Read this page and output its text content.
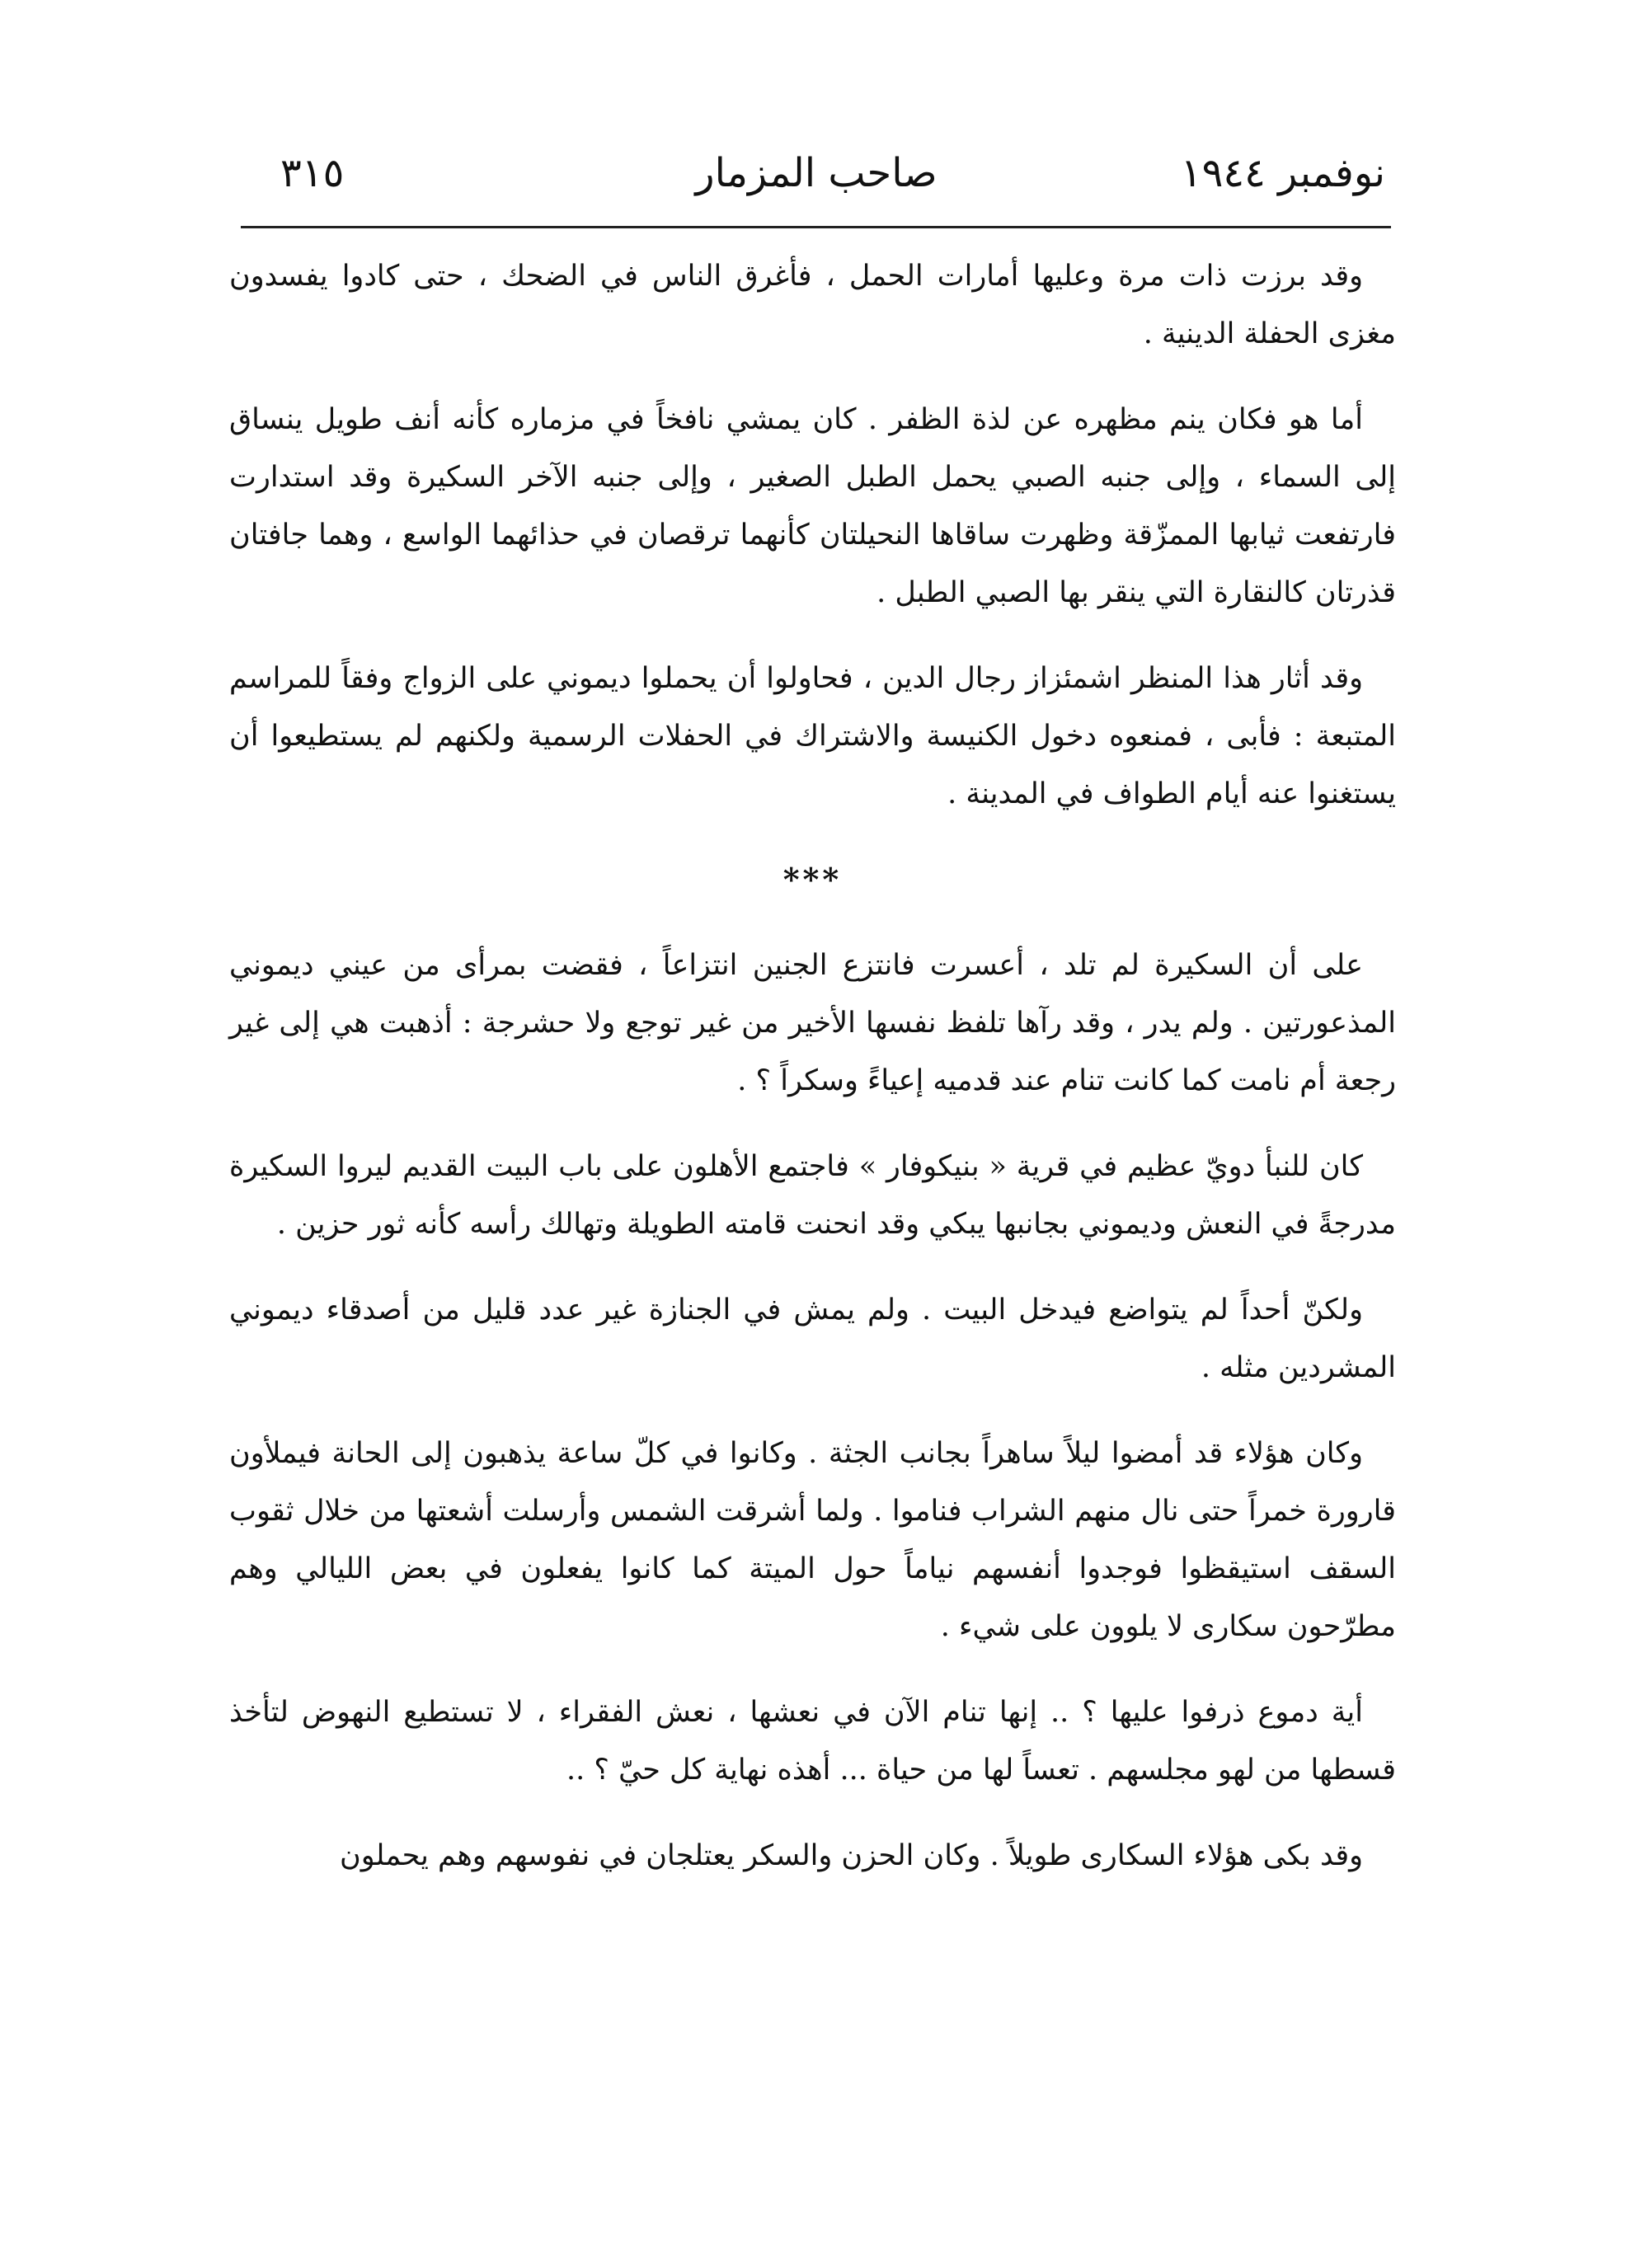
نوفمبر ١٩٤٤
صاحب المزمار
٣١٥

وقد برزت ذات مرة وعليها أمارات الحمل ، فأغرق الناس في الضحك ، حتى كادوا يفسدون مغزى الحفلة الدينية .

أما هو فكان ينم مظهره عن لذة الظفر . كان يمشي نافخاً في مزماره كأنه أنف طويل ينساق إلى السماء ، وإلى جنبه الصبي يحمل الطبل الصغير ، وإلى جنبه الآخر السكيرة وقد استدارت فارتفعت ثيابها الممزّقة وظهرت ساقاها النحيلتان كأنهما ترقصان في حذائهما الواسع ، وهما جافتان قذرتان كالنقارة التي ينقر بها الصبي الطبل .

وقد أثار هذا المنظر اشمئزاز رجال الدين ، فحاولوا أن يحملوا ديموني على الزواج وفقاً للمراسم المتبعة : فأبى ، فمنعوه دخول الكنيسة والاشتراك في الحفلات الرسمية ولكنهم لم يستطيعوا أن يستغنوا عنه أيام الطواف في المدينة .

***

على أن السكيرة لم تلد ، أعسرت فانتزع الجنين انتزاعاً ، فقضت بمرأى من عيني ديموني المذعورتين . ولم يدر ، وقد رآها تلفظ نفسها الأخير من غير توجع ولا حشرجة : أذهبت هي إلى غير رجعة أم نامت كما كانت تنام عند قدميه إعياءً وسكراً ؟ .

كان للنبأ دويّ عظيم في قرية « بنيكوفار » فاجتمع الأهلون على باب البيت القديم ليروا السكيرة مدرجةً في النعش وديموني بجانبها يبكي وقد انحنت قامته الطويلة وتهالك رأسه كأنه ثور حزين .

ولكنّ أحداً لم يتواضع فيدخل البيت . ولم يمش في الجنازة غير عدد قليل من أصدقاء ديموني المشردين مثله .

وكان هؤلاء قد أمضوا ليلاً ساهراً بجانب الجثة . وكانوا في كلّ ساعة يذهبون إلى الحانة فيملأون قارورة خمراً حتى نال منهم الشراب فناموا . ولما أشرقت الشمس وأرسلت أشعتها من خلال ثقوب السقف استيقظوا فوجدوا أنفسهم نياماً حول الميتة كما كانوا يفعلون في بعض الليالي وهم مطرّحون سكارى لا يلوون على شيء .

أية دموع ذرفوا عليها ؟ .. إنها تنام الآن في نعشها ، نعش الفقراء ، لا تستطيع النهوض لتأخذ قسطها من لهو مجلسهم . تعساً لها من حياة ... أهذه نهاية كل حيّ ؟ ..

وقد بكى هؤلاء السكارى طويلاً . وكان الحزن والسكر يعتلجان في نفوسهم وهم يحملون
